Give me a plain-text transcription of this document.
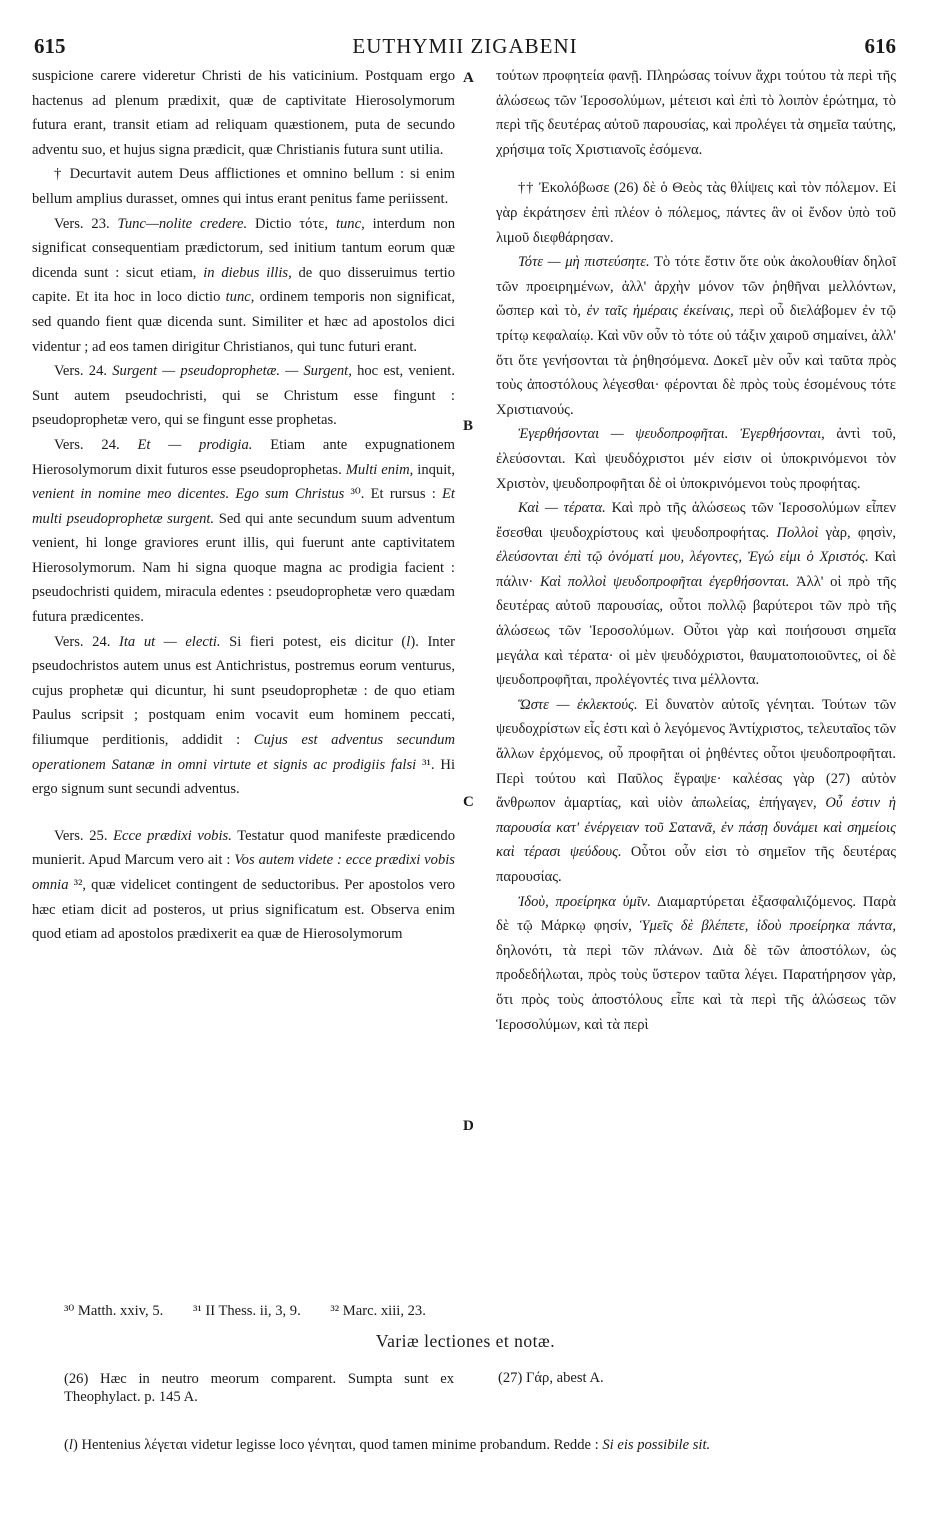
615	EUTHYMII ZIGABENI	616
A
B
C
D

suspicione carere videretur Christi de his vaticinium. Postquam ergo hactenus ad plenum prædixit, quæ de captivitate Hierosolymorum futura erant, transit etiam ad reliquam quæstionem, puta de secundo adventu suo, et hujus signa prædicit, quæ Christianis futura sunt utilia.

† Decurtavit autem Deus afflictiones et omnino bellum : si enim bellum amplius durasset, omnes qui intus erant penitus fame periissent.

Vers. 23. Tunc—nolite credere. Dictio τότε, tunc, interdum non significat consequentiam prædictorum, sed initium tantum eorum quæ dicenda sunt : sicut etiam, in diebus illis, de quo disseruimus tertio capite. Et ita hoc in loco dictio tunc, ordinem temporis non significat, sed quando fient quæ dicenda sunt. Similiter et hæc ad apostolos dici videntur ; ad eos tamen dirigitur Christianos, qui tunc futuri erant.

Vers. 24. Surgent — pseudoprophetæ. — Surgent, hoc est, venient. Sunt autem pseudochristi, qui se Christum esse fingunt : pseudoprophetæ vero, qui se fingunt esse prophetas.

Vers. 24. Et — prodigia. Etiam ante expugnationem Hierosolymorum dixit futuros esse pseudoprophetas. Multi enim, inquit, venient in nomine meo dicentes. Ego sum Christus ³⁰. Et rursus : Et multi pseudoprophetæ surgent. Sed qui ante secundum suum adventum venient, hi longe graviores erunt illis, qui fuerunt ante captivitatem Hierosolymorum. Nam hi signa quoque magna ac prodigia facient : pseudochristi quidem, miracula edentes : pseudoprophetæ vero quædam futura prædicentes.

Vers. 24. Ita ut — electi. Si fieri potest, eis dicitur (l). Inter pseudochristos autem unus est Antichristus, postremus eorum venturus, cujus prophetæ qui dicuntur, hi sunt pseudoprophetæ : de quo etiam Paulus scripsit ; postquam enim vocavit eum hominem peccati, filiumque perditionis, addidit : Cujus est adventus secundum operationem Satanæ in omni virtute et signis ac prodigiis falsi ³¹. Hi ergo signum sunt secundi adventus.

Vers. 25. Ecce prædixi vobis. Testatur quod manifeste prædicendo munierit. Apud Marcum vero ait : Vos autem videte : ecce prædixi vobis omnia ³², quæ videlicet contingent de seductoribus. Per apostolos vero hæc etiam dicit ad posteros, ut prius significatum est. Observa enim quod etiam ad apostolos prædixerit ea quæ de Hierosolymorum

τούτων προφητεία φανῇ. Πληρώσας τοίνυν ἄχρι τούτου τὰ περὶ τῆς ἁλώσεως τῶν Ἱεροσολύμων, μέτεισι καὶ ἐπὶ τὸ λοιπὸν ἐρώτημα, τὸ περὶ τῆς δευτέρας αὐτοῦ παρουσίας, καὶ προλέγει τὰ σημεῖα ταύτης, χρήσιμα τοῖς Χριστιανοῖς ἐσόμενα.

†† Ἐκολόβωσε (26) δὲ ὁ Θεὸς τὰς θλίψεις καὶ τὸν πόλεμον. Εἰ γὰρ ἐκράτησεν ἐπὶ πλέον ὁ πόλεμος, πάντες ἂν οἱ ἔνδον ὑπὸ τοῦ λιμοῦ διεφθάρησαν.

Τότε — μὴ πιστεύσητε. Τὸ τότε ἔστιν ὅτε οὐκ ἀκολουθίαν δηλοῖ τῶν προειρημένων, ἀλλ' ἀρχὴν μόνον τῶν ῥηθῆναι μελλόντων, ὥσπερ καὶ τὸ, ἐν ταῖς ἡμέραις ἐκείναις, περὶ οὗ διελάβομεν ἐν τῷ τρίτῳ κεφαλαίῳ. Καὶ νῦν οὖν τὸ τότε οὐ τάξιν χαιροῦ σημαίνει, ἀλλ' ὅτι ὅτε γενήσονται τὰ ῥηθησόμενα. Δοκεῖ μὲν οὖν καὶ ταῦτα πρὸς τοὺς ἀποστόλους λέγεσθαι· φέρονται δὲ πρὸς τοὺς ἐσομένους τότε Χριστιανούς.

Ἐγερθήσονται — ψευδοπροφῆται. Ἐγερθήσονται, ἀντὶ τοῦ, ἐλεύσονται. Καὶ ψευδόχριστοι μέν εἰσιν οἱ ὑποκρινόμενοι τὸν Χριστὸν, ψευδοπροφῆται δὲ οἱ ὑποκρινόμενοι τοὺς προφήτας.

Καὶ — τέρατα. Καὶ πρὸ τῆς ἁλώσεως τῶν Ἱεροσολύμων εἶπεν ἔσεσθαι ψευδοχρίστους καὶ ψευδοπροφήτας. Πολλοὶ γὰρ, φησὶν, ἐλεύσονται ἐπὶ τῷ ὀνόματί μου, λέγοντες, Ἐγώ εἰμι ὁ Χριστός. Καὶ πάλιν· Καὶ πολλοὶ ψευδοπροφῆται ἐγερθήσονται. Ἀλλ' οἱ πρὸ τῆς δευτέρας αὐτοῦ παρουσίας, οὗτοι πολλῷ βαρύτεροι τῶν πρὸ τῆς ἁλώσεως τῶν Ἱεροσολύμων. Οὗτοι γὰρ καὶ ποιήσουσι σημεῖα μεγάλα καὶ τέρατα· οἱ μὲν ψευδόχριστοι, θαυματοποιοῦντες, οἱ δὲ ψευδοπροφῆται, προλέγοντές τινα μέλλοντα.

Ὥστε — ἐκλεκτούς. Εἰ δυνατὸν αὐτοῖς γένηται. Τούτων τῶν ψευδοχρίστων εἷς ἐστι καὶ ὁ λεγόμενος Ἀντίχριστος, τελευταῖος τῶν ἄλλων ἐρχόμενος, οὗ προφῆται οἱ ῥηθέντες οὗτοι ψευδοπροφῆται. Περὶ τούτου καὶ Παῦλος ἔγραψε· καλέσας γὰρ (27) αὐτὸν ἄνθρωπον ἁμαρτίας, καὶ υἱὸν ἀπωλείας, ἐπήγαγεν, Οὗ ἐστιν ἡ παρουσία κατ' ἐνέργειαν τοῦ Σατανᾶ, ἐν πάσῃ δυνάμει καὶ σημείοις καὶ τέρασι ψεύδους. Οὗτοι οὖν εἰσι τὸ σημεῖον τῆς δευτέρας παρουσίας.

Ἰδοὺ, προείρηκα ὑμῖν. Διαμαρτύρεται ἐξασφαλιζόμενος. Παρὰ δὲ τῷ Μάρκῳ φησίν, Ὑμεῖς δὲ βλέπετε, ἰδοὺ προείρηκα πάντα, δηλονότι, τὰ περὶ τῶν πλάνων. Διὰ δὲ τῶν ἀποστόλων, ὡς προδεδήλωται, πρὸς τοὺς ὕστερον ταῦτα λέγει. Παρατήρησον γὰρ, ὅτι πρὸς τοὺς ἀποστόλους εἶπε καὶ τὰ περὶ τῆς ἁλώσεως τῶν Ἱεροσολύμων, καὶ τὰ περὶ

³⁰ Matth. xxiv, 5. ³¹ II Thess. ii, 3, 9. ³² Marc. xiii, 23.
Variæ lectiones et notæ.
(26) Hæc in neutro meorum comparent. Sumpta sunt ex Theophylact. p. 145 A.
(27) Γάρ, abest A.
(l) Hentenius λέγεται videtur legisse loco γένηται, quod tamen minime probandum. Redde : Si eis possibile sit.
